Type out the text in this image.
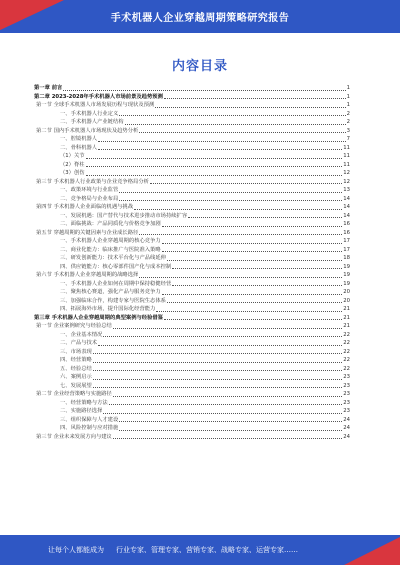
手术机器人企业穿越周期策略研究报告
内容目录
第一章 前言	1
第二章 2023-2028年手术机器人市场前景及趋势预测	1
第一节 全球手术机器人市场发展历程与现状及预测	1
一、手术机器人行业定义	2
二、手术机器人产业链结构	2
第二节 国内手术机器人市场现状及趋势分析	3
一、腔镜机器人	7
二、骨科机器人	11
（1）关节	11
（2）脊柱	11
（3）创伤	12
第三节 手术机器人行业政策与企业竞争格局分析	12
一、政策环境与行业监管	13
二、竞争格局与企业布局	14
第四节 手术机器人企业面临的机遇与挑战	14
一、发展机遇：国产替代与技术进步推动市场持续扩容	14
二、面临挑战：产品同质化与价格竞争加剧	16
第五节 穿越周期的关键因素与企业成长路径	16
一、手术机器人企业穿越周期的核心竞争力	17
二、商业化能力：临床推广与医院准入策略	17
三、研发创新能力：技术平台化与产品线延伸	18
四、供应链能力：核心零部件国产化与成本控制	19
第六节 手术机器人企业穿越周期的战略选择	19
一、手术机器人企业如何在周期中保持稳健经营	19
二、聚焦核心赛道，强化产品与服务竞争力	20
三、加强临床合作，构建专家与医院生态体系	20
四、拓展海外市场，提升国际化经营能力	21
第三章 手术机器人企业穿越周期的典型案例与经验借鉴	21
第一节 企业案例研究与经验总结	21
一、企业基本情况	22
二、产品与技术	22
三、市场表现	22
四、经营策略	22
五、经验总结	22
六、案例启示	23
七、发展展望	23
第二节 企业经营策略与实施路径	23
一、经营策略与方法	23
二、实施路径选择	23
三、组织保障与人才建设	24
四、风险控制与应对措施	24
第三节 企业未来发展方向与建议	24
让每个人都能成为 行业专家、管理专家、营销专家、战略专家、运营专家……
